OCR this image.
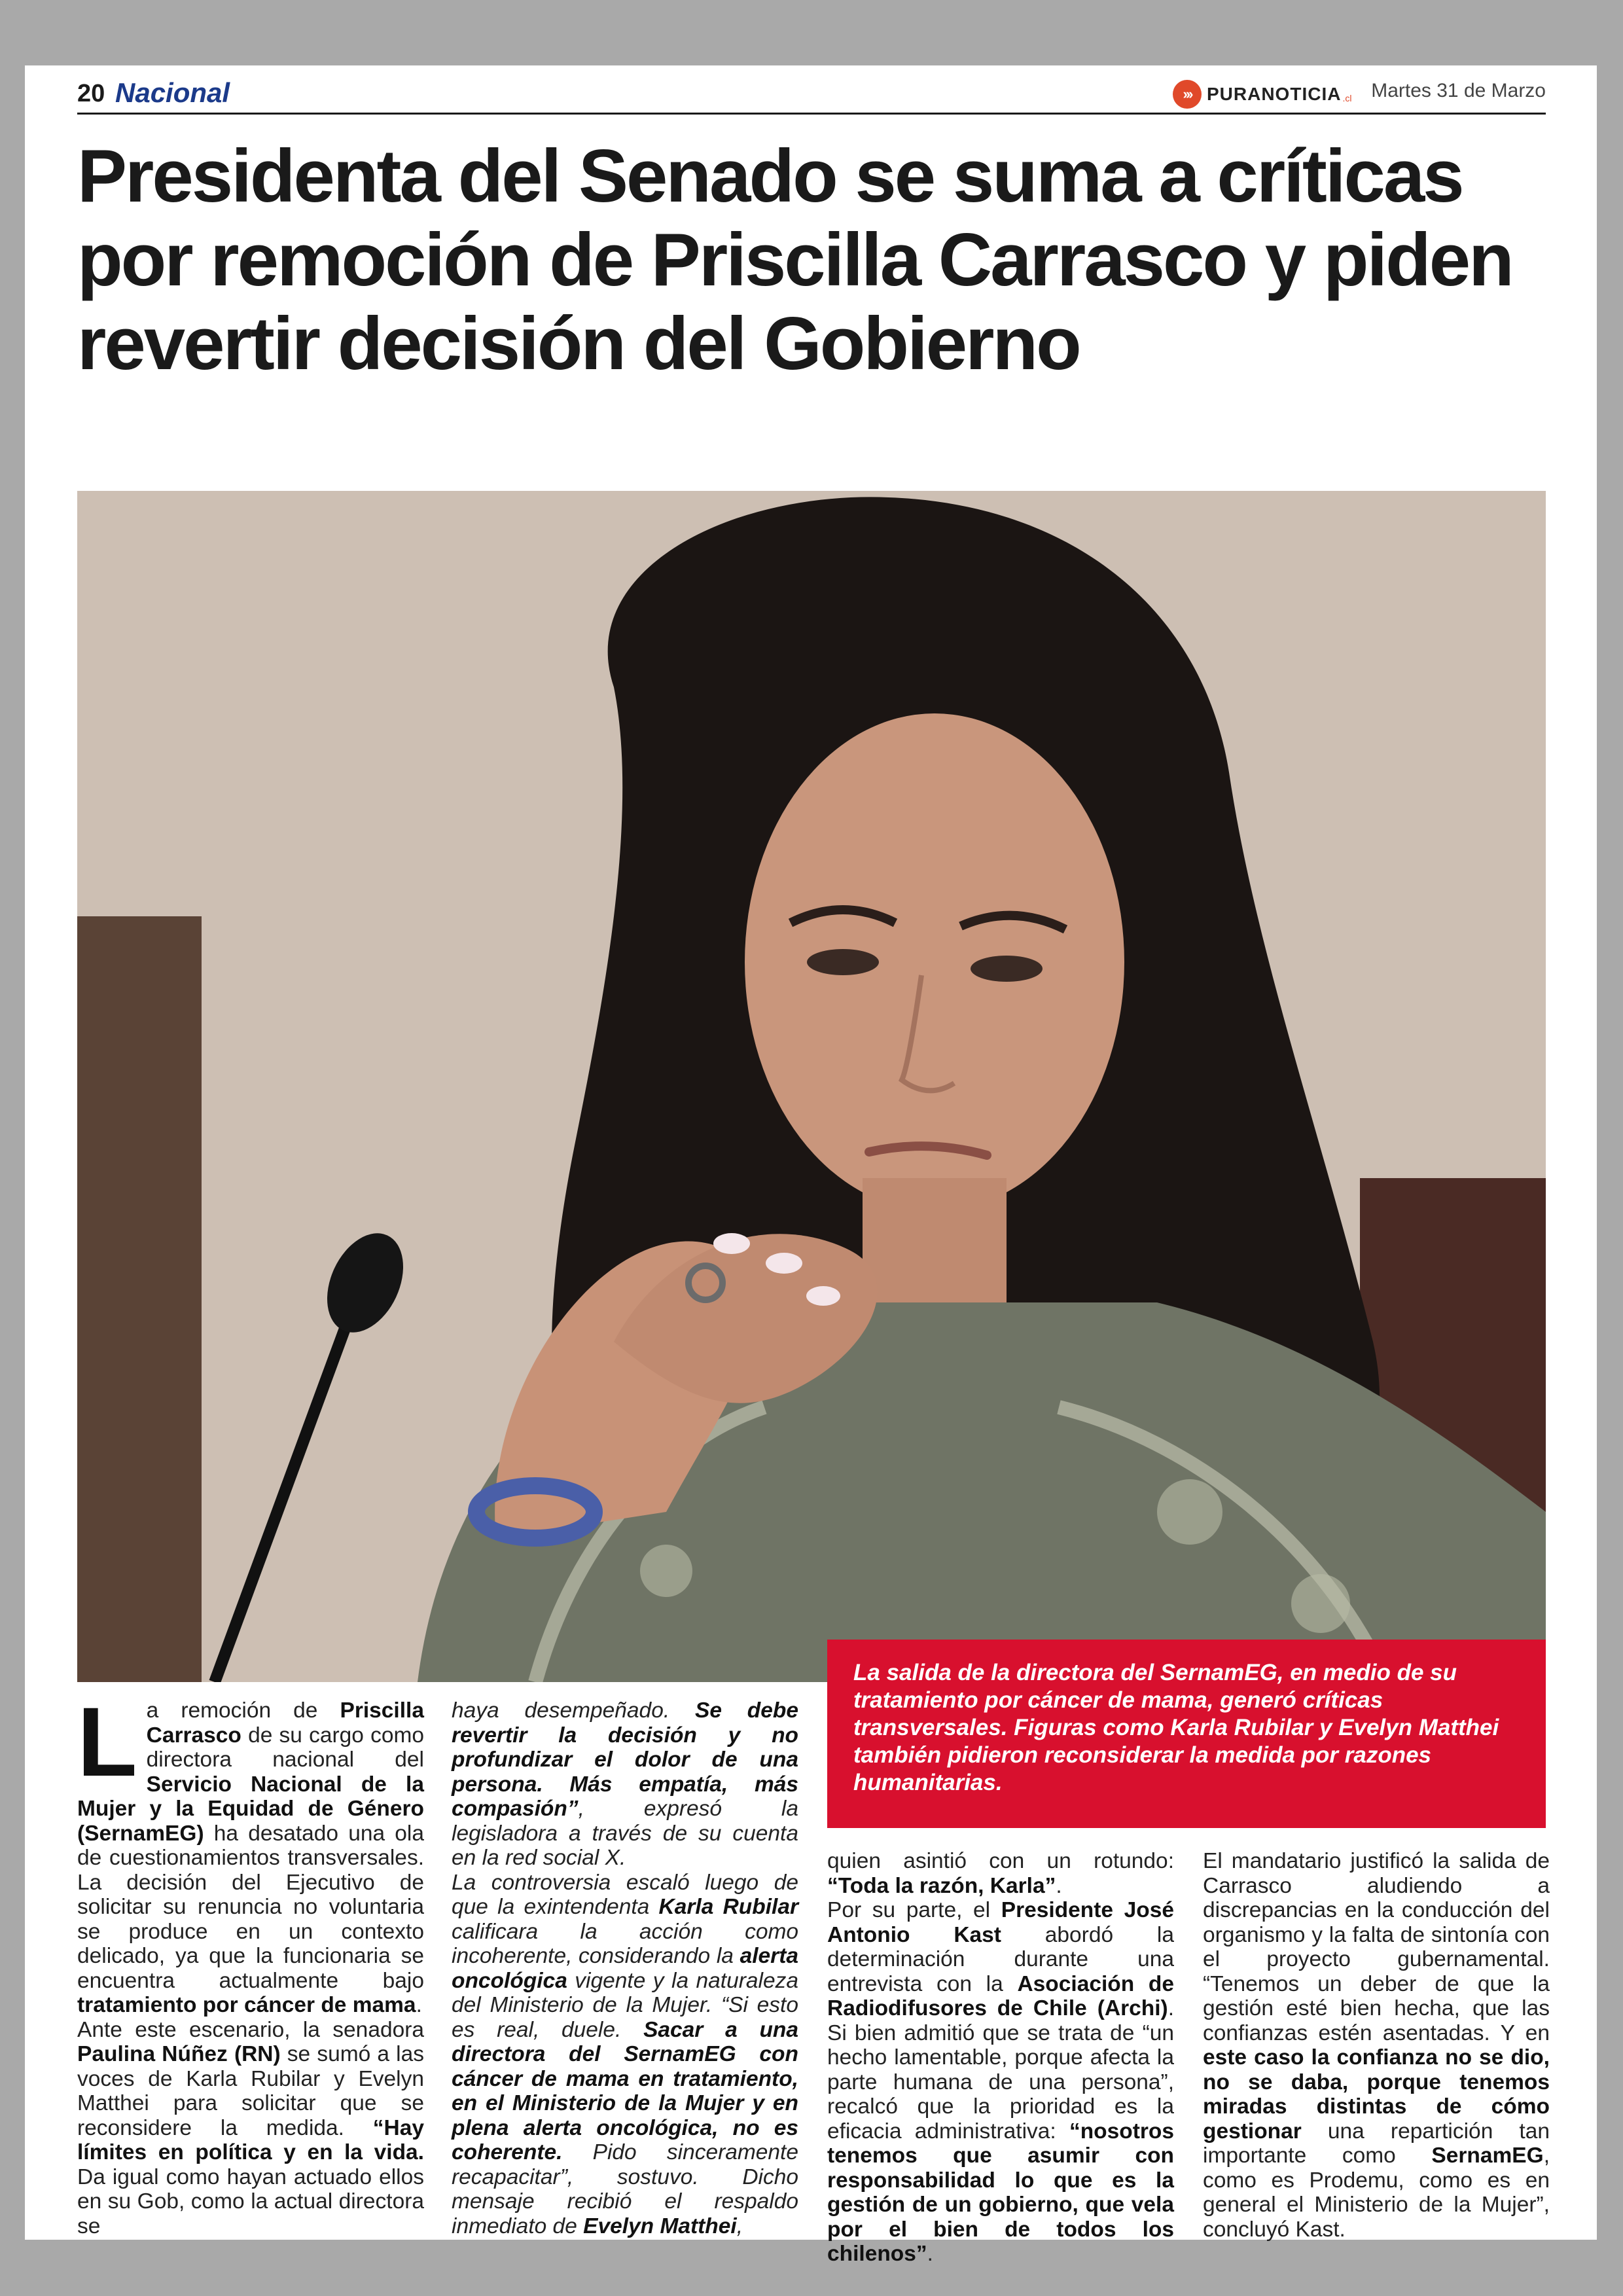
20 Nacional	››› PURANOTICIA .cl Martes 31 de Marzo
Presidenta del Senado se suma a críticas por remoción de Priscilla Carrasco y piden revertir decisión del Gobierno
La salida de la directora del SernamEG, en medio de su tratamiento por cáncer de mama, generó críticas transversales. Figuras como Karla Rubilar y Evelyn Matthei también pidieron reconsiderar la medida por razones humanitarias.
L a remoción de Priscilla Carrasco de su cargo como directora nacional del Servicio Nacional de la Mujer y la Equidad de Género (SernamEG) ha desatado una ola de cuestionamientos transversales. La decisión del Ejecutivo de solicitar su renuncia no voluntaria se produce en un contexto delicado, ya que la funcionaria se encuentra actualmente bajo tratamiento por cáncer de mama.

Ante este escenario, la senadora Paulina Núñez (RN) se sumó a las voces de Karla Rubilar y Evelyn Matthei para solicitar que se reconsidere la medida. “Hay límites en política y en la vida. Da igual como hayan actuado ellos en su Gob, como la actual directora se

haya desempeñado. Se debe revertir la decisión y no profundizar el dolor de una persona. Más empatía, más compasión”, expresó la legisladora a través de su cuenta en la red social X.

La controversia escaló luego de que la exintendenta Karla Rubilar calificara la acción como incoherente, considerando la alerta oncológica vigente y la naturaleza del Ministerio de la Mujer. “Si esto es real, duele. Sacar a una directora del SernamEG con cáncer de mama en tratamiento, en el Ministerio de la Mujer y en plena alerta oncológica, no es coherente. Pido sinceramente recapacitar”, sostuvo. Dicho mensaje recibió el respaldo inmediato de Evelyn Matthei,

quien asintió con un rotundo: “Toda la razón, Karla”.

Por su parte, el Presidente José Antonio Kast abordó la determinación durante una entrevista con la Asociación de Radiodifusores de Chile (Archi). Si bien admitió que se trata de “un hecho lamentable, porque afecta la parte humana de una persona”, recalcó que la prioridad es la eficacia administrativa: “nosotros tenemos que asumir con responsabilidad lo que es la gestión de un gobierno, que vela por el bien de todos los chilenos”.

El mandatario justificó la salida de Carrasco aludiendo a discrepancias en la conducción del organismo y la falta de sintonía con el proyecto gubernamental. “Tenemos un deber de que la gestión esté bien hecha, que las confianzas estén asentadas. Y en este caso la confianza no se dio, no se daba, porque tenemos miradas distintas de cómo gestionar una repartición tan importante como SernamEG, como es Prodemu, como es en general el Ministerio de la Mujer”, concluyó Kast.
